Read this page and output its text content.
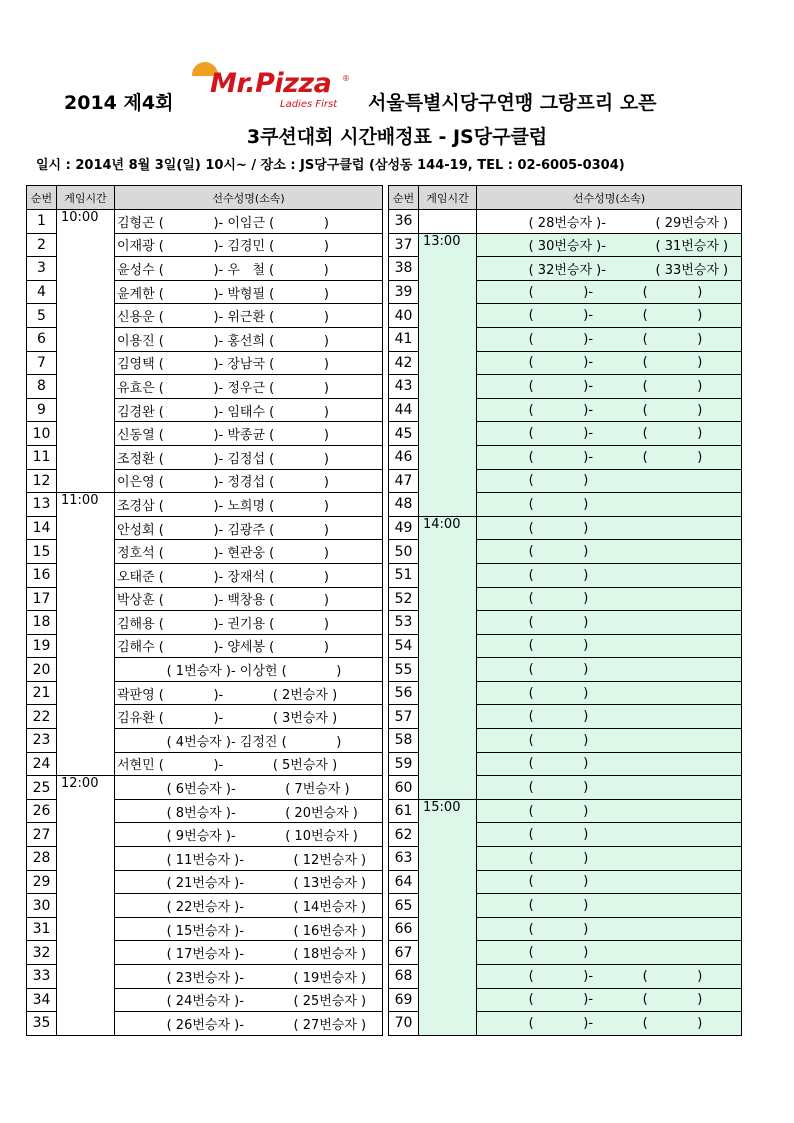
2014 제4회
Mr.Pizza ®
Ladies First 서울특별시당구연맹 그랑프리 오픈
3쿠션대회 시간배정표 - JS당구클럽
일시 : 2014년 8월 3일(일) 10시~ / 장소 : JS당구클럽 (삼성동 144-19, TEL : 02-6005-0304)
순번	게임시간	선수성명(소속)
1	10:00	김형곤 (            )- 이임근 (            )
2		이재광 (            )- 김경민 (            )
3		윤성수 (            )- 우   철 (            )
4		윤계한 (            )- 박형필 (            )
5		신용운 (            )- 위근환 (            )
6		이용진 (            )- 홍선희 (            )
7		김영택 (            )- 장남국 (            )
8		유효은 (            )- 정우근 (            )
9		김경완 (            )- 임태수 (            )
10		신동열 (            )- 박종균 (            )
11		조정환 (            )- 김정섭 (            )
12		이은영 (            )- 정경섭 (            )
13	11:00	조경삼 (            )- 노희명 (            )
14		안성회 (            )- 김광주 (            )
15		정호석 (            )- 현관웅 (            )
16		오태준 (            )- 장재석 (            )
17		박상훈 (            )- 백창용 (            )
18		김해용 (            )- 권기용 (            )
19		김해수 (            )- 양세봉 (            )
20		( 1번승자 )- 이상헌 (            )
21		곽판영 (            )-            ( 2번승자 )
22		김유환 (            )-            ( 3번승자 )
23		( 4번승자 )- 김정진 (            )
24		서현민 (            )-            ( 5번승자 )
25	12:00	( 6번승자 )-            ( 7번승자 )
26		( 8번승자 )-            ( 20번승자 )
27		( 9번승자 )-            ( 10번승자 )
28		( 11번승자 )-            ( 12번승자 )
29		( 21번승자 )-            ( 13번승자 )
30		( 22번승자 )-            ( 14번승자 )
31		( 15번승자 )-            ( 16번승자 )
32		( 17번승자 )-            ( 18번승자 )
33		( 23번승자 )-            ( 19번승자 )
34		( 24번승자 )-            ( 25번승자 )
35		( 26번승자 )-            ( 27번승자 )
순번	게임시간	선수성명(소속)
36		( 28번승자 )-            ( 29번승자 )
37	13:00	( 30번승자 )-            ( 31번승자 )
38		( 32번승자 )-            ( 33번승자 )
39		(            )-            (            )
40		(            )-            (            )
41		(            )-            (            )
42		(            )-            (            )
43		(            )-            (            )
44		(            )-            (            )
45		(            )-            (            )
46		(            )-            (            )
47		(            )
48		(            )
49	14:00	(            )
50		(            )
51		(            )
52		(            )
53		(            )
54		(            )
55		(            )
56		(            )
57		(            )
58		(            )
59		(            )
60		(            )
61	15:00	(            )
62		(            )
63		(            )
64		(            )
65		(            )
66		(            )
67		(            )
68		(            )-            (            )
69		(            )-            (            )
70		(            )-            (            )
